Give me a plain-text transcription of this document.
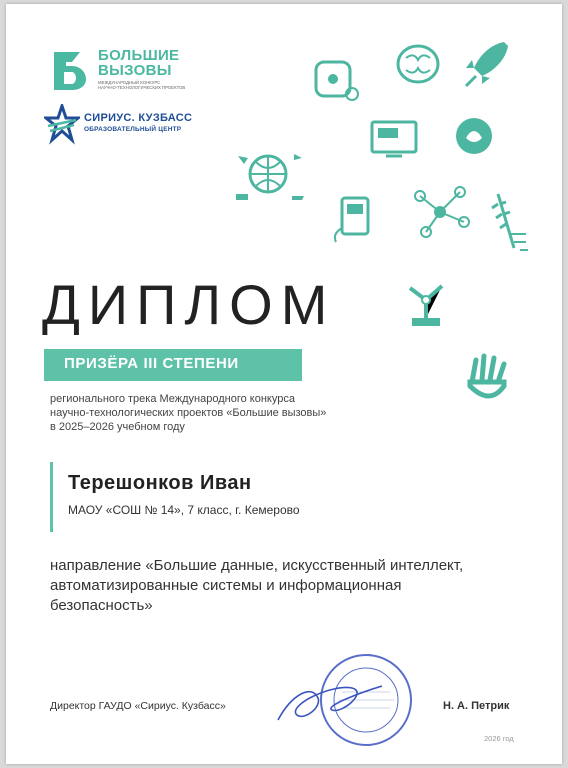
БОЛЬШИЕ
ВЫЗОВЫ
МЕЖДУНАРОДНЫЙ КОНКУРС
НАУЧНО-ТЕХНОЛОГИЧЕСКИХ ПРОЕКТОВ
СИРИУС. КУЗБАСС
ОБРАЗОВАТЕЛЬНЫЙ ЦЕНТР
ДИПЛОМ
ПРИЗЁРА III СТЕПЕНИ
регионального трека Международного конкурса
научно-технологических проектов «Большие вызовы»
в 2025–2026 учебном году
Терешонков Иван
МАОУ «СОШ № 14», 7 класс, г. Кемерово
направление «Большие данные, искусственный интеллект,
автоматизированные системы и информационная
безопасность»
Директор ГАУДО «Сириус. Кузбасс»	Н. А. Петрик
2026 год
